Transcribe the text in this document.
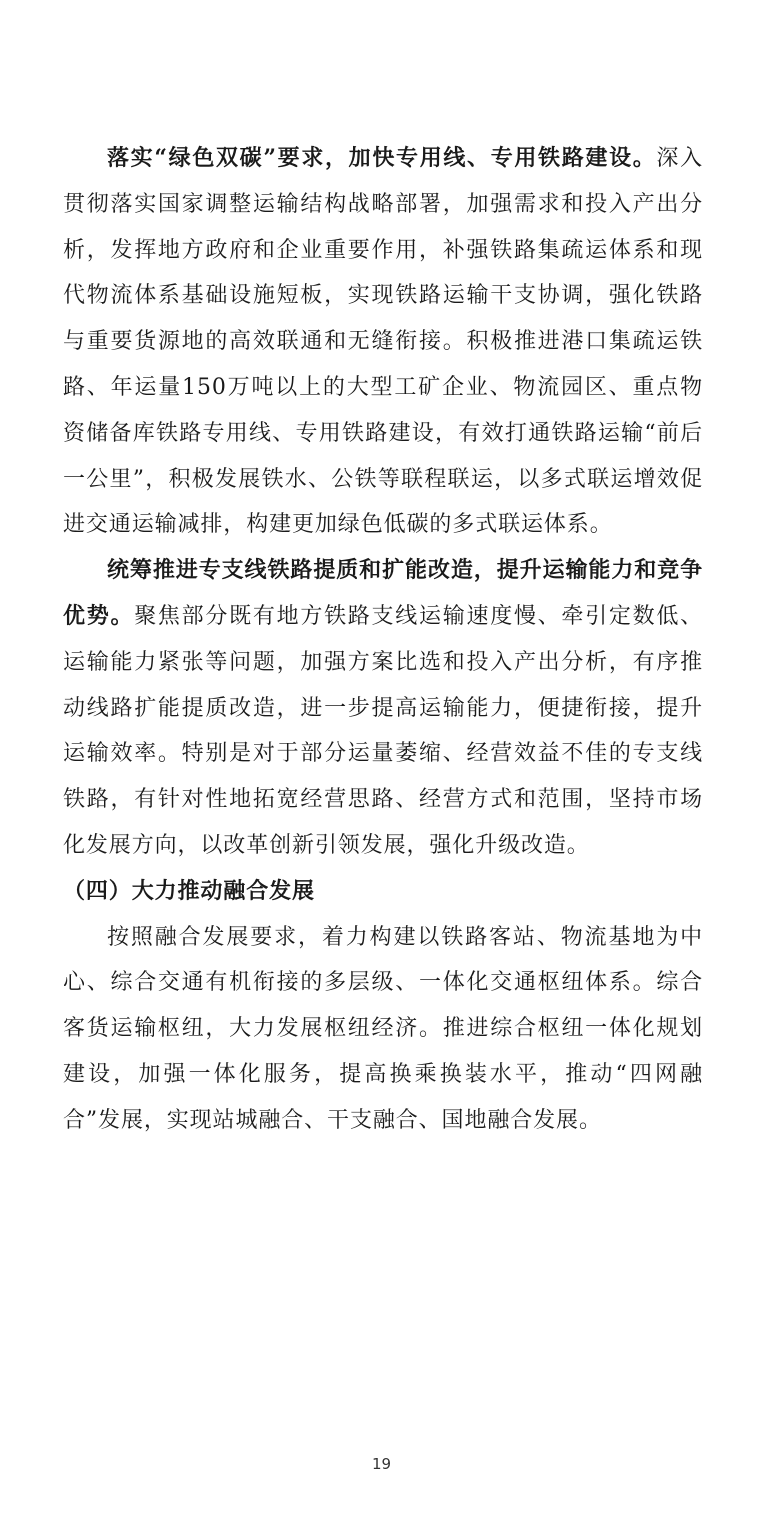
落实“绿色双碳”要求，加快专用线、专用铁路建设。深入贯彻落实国家调整运输结构战略部署，加强需求和投入产出分析，发挥地方政府和企业重要作用，补强铁路集疏运体系和现代物流体系基础设施短板，实现铁路运输干支协调，强化铁路与重要货源地的高效联通和无缝衔接。积极推进港口集疏运铁路、年运量150万吨以上的大型工矿企业、物流园区、重点物资储备库铁路专用线、专用铁路建设，有效打通铁路运输“前后一公里”，积极发展铁水、公铁等联程联运，以多式联运增效促进交通运输减排，构建更加绿色低碳的多式联运体系。

统筹推进专支线铁路提质和扩能改造，提升运输能力和竞争优势。聚焦部分既有地方铁路支线运输速度慢、牵引定数低、运输能力紧张等问题，加强方案比选和投入产出分析，有序推动线路扩能提质改造，进一步提高运输能力，便捷衔接，提升运输效率。特别是对于部分运量萎缩、经营效益不佳的专支线铁路，有针对性地拓宽经营思路、经营方式和范围，坚持市场化发展方向，以改革创新引领发展，强化升级改造。

（四）大力推动融合发展

按照融合发展要求，着力构建以铁路客站、物流基地为中心、综合交通有机衔接的多层级、一体化交通枢纽体系。综合客货运输枢纽，大力发展枢纽经济。推进综合枢纽一体化规划建设，加强一体化服务，提高换乘换装水平，推动“四网融合”发展，实现站城融合、干支融合、国地融合发展。

19
